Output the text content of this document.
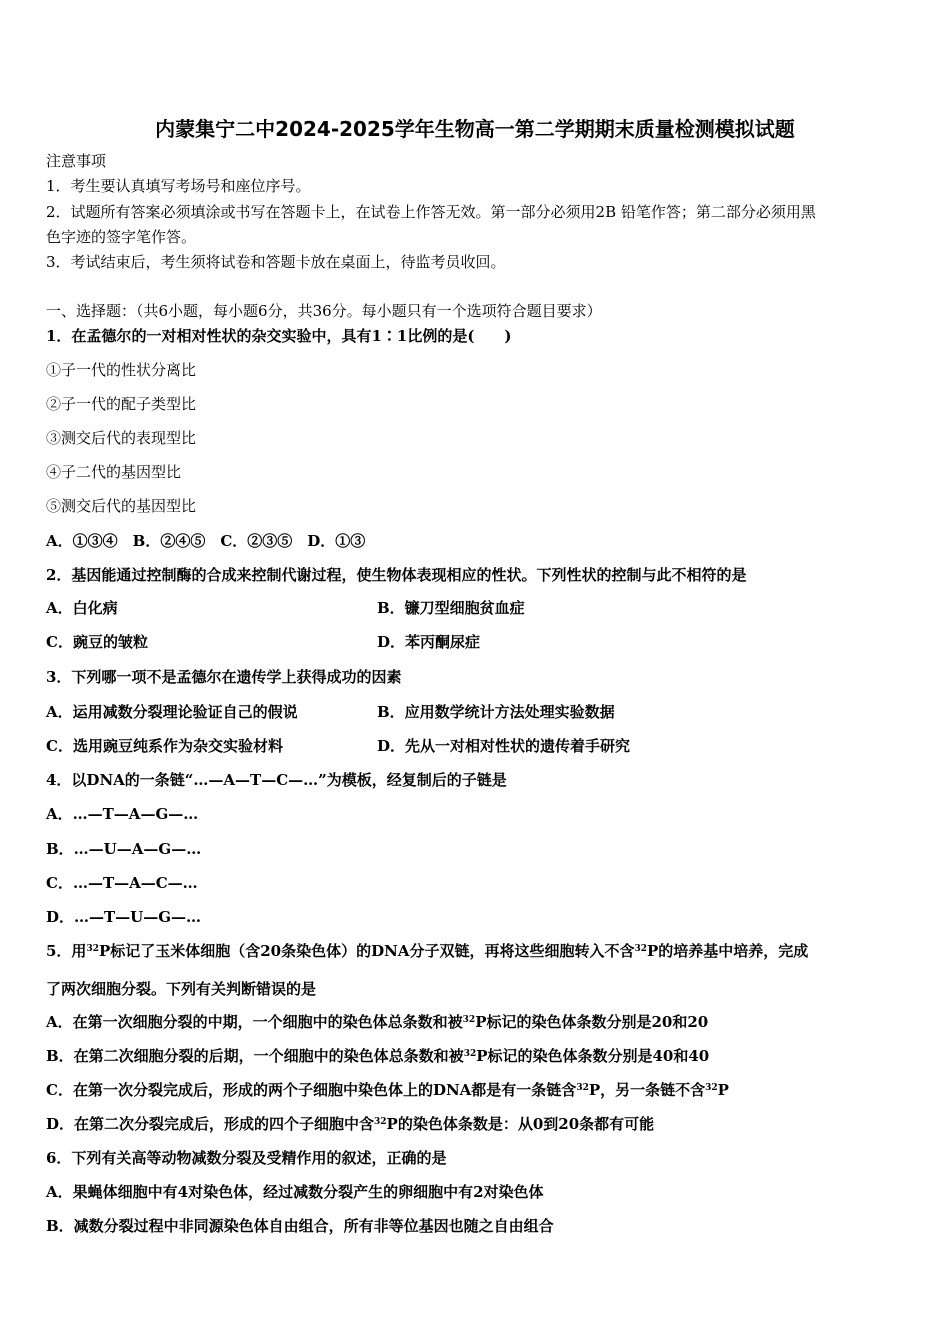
内蒙集宁二中2024-2025学年生物高一第二学期期末质量检测模拟试题
注意事项
1．考生要认真填写考场号和座位序号。
2．试题所有答案必须填涂或书写在答题卡上，在试卷上作答无效。第一部分必须用2B 铅笔作答；第二部分必须用黑
色字迹的签字笔作答。
3．考试结束后，考生须将试卷和答题卡放在桌面上，待监考员收回。
一、选择题：（共6小题，每小题6分，共36分。每小题只有一个选项符合题目要求）
1．在孟德尔的一对相对性状的杂交实验中，具有1∶1比例的是(　　)
①子一代的性状分离比
②子一代的配子类型比
③测交后代的表现型比
④子二代的基因型比
⑤测交后代的基因型比
A．①③④　B．②④⑤　C．②③⑤　D．①③
2．基因能通过控制酶的合成来控制代谢过程，使生物体表现相应的性状。下列性状的控制与此不相符的是
A．白化病	B．镰刀型细胞贫血症
C．豌豆的皱粒	D．苯丙酮尿症
3．下列哪一项不是孟德尔在遗传学上获得成功的因素
A．运用减数分裂理论验证自己的假说	B．应用数学统计方法处理实验数据
C．选用豌豆纯系作为杂交实验材料	D．先从一对相对性状的遗传着手研究
4．以DNA的一条链“…—A—T—C—…”为模板，经复制后的子链是
A．…—T—A—G—…
B．…—U—A—G—…
C．…—T—A—C—…
D．…—T—U—G—…
5．用$^{32}$P标记了玉米体细胞（含20条染色体）的DNA分子双链，再将这些细胞转入不含$^{32}$P的培养基中培养，完成
了两次细胞分裂。下列有关判断错误的是
A．在第一次细胞分裂的中期，一个细胞中的染色体总条数和被$^{32}$P标记的染色体条数分别是20和20
B．在第二次细胞分裂的后期，一个细胞中的染色体总条数和被$^{32}$P标记的染色体条数分别是40和40
C．在第一次分裂完成后，形成的两个子细胞中染色体上的DNA都是有一条链含$^{32}$P，另一条链不含$^{32}$P
D．在第二次分裂完成后，形成的四个子细胞中含$^{32}$P的染色体条数是：从0到20条都有可能
6．下列有关高等动物减数分裂及受精作用的叙述，正确的是
A．果蝇体细胞中有4对染色体，经过减数分裂产生的卵细胞中有2对染色体
B．减数分裂过程中非同源染色体自由组合，所有非等位基因也随之自由组合
